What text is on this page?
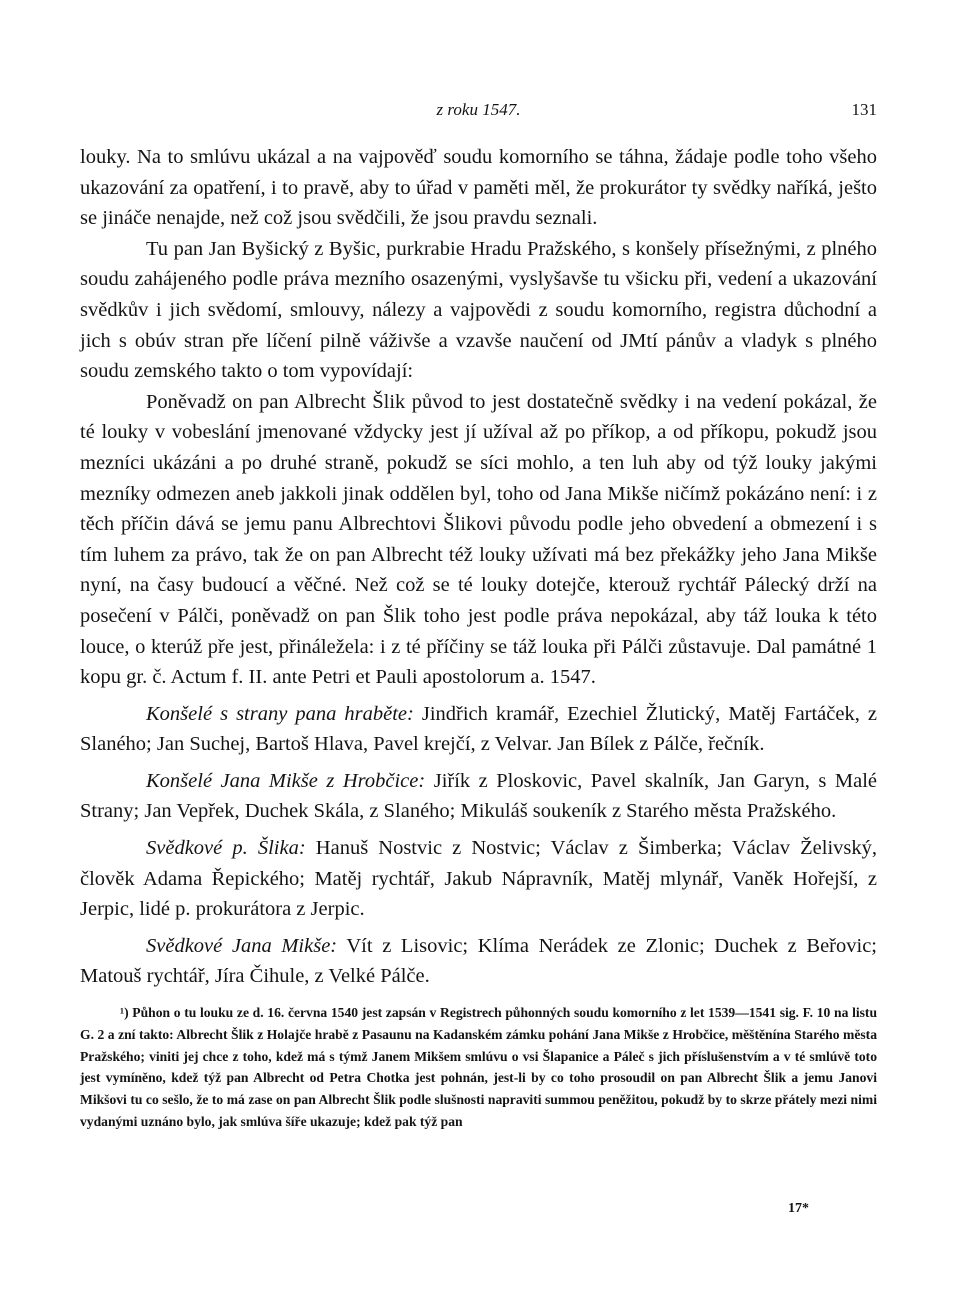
z roku 1547.	131

louky. Na to smlúvu ukázal a na vajpověď soudu komorního se táhna, žádaje podle toho všeho ukazování za opatření, i to pravě, aby to úřad v paměti měl, že prokurátor ty svědky naříká, ještο se jináče nenajde, než což jsou svědčili, že jsou pravdu seznali.

Tu pan Jan Byšický z Byšic, purkrabie Hradu Pražského, s konšely přísežnými, z plného soudu zahájeného podle práva mezního osazenými, vyslyšavše tu všicku při, vedení a ukazování svědkův i jich svědomí, smlouvy, nálezy a vajpovědi z soudu komorního, registra důchodní a jich s obúv stran pře líčení pilně váživše a vzavše naučení od JMtí pánův a vladyk s plného soudu zemského takto o tom vypovídají:

Poněvadž on pan Albrecht Šlik původ to jest dostatečně svědky i na vedení pokázal, že té louky v vobeslání jmenované vždycky jest jí užíval až po příkop, a od příkopu, pokudž jsou mezníci ukázáni a po druhé straně, pokudž se síci mohlo, a ten luh aby od týž louky jakými mezníky odmezen aneb jakkoli jinak oddělen byl, toho od Jana Mikše ničímž pokázáno není: i z těch příčin dává se jemu panu Albrechtovi Šlikovi původu podle jeho obvedení a obmezení i s tím luhem za právo, tak že on pan Albrecht též louky užívati má bez překážky jeho Jana Mikše nyní, na časy budoucí a věčné. Než což se té louky dotejče, kterouž rychtář Pálecký drží na posečení v Pálči, poněvadž on pan Šlik toho jest podle práva nepokázal, aby táž louka k této louce, o kterúž pře jest, přináležela: i z té příčiny se táž louka při Pálči zůstavuje. Dal památné 1 kopu gr. č. Actum f. II. ante Petri et Pauli apostolorum a. 1547.

Konšelé s strany pana hraběte: Jindřich kramář, Ezechiel Žlutický, Matěj Fartáček, z Slaného; Jan Suchej, Bartoš Hlava, Pavel krejčí, z Velvar. Jan Bílek z Pálče, řečník.

Konšelé Jana Mikše z Hrobčice: Jiřík z Ploskovic, Pavel skalník, Jan Garyn, s Malé Strany; Jan Vepřek, Duchek Skála, z Slaného; Mikuláš soukeník z Starého města Pražského.

Svědkové p. Šlika: Hanuš Nostvic z Nostvic; Václav z Šimberka; Václav Želivský, člověk Adama Řepického; Matěj rychtář, Jakub Nápravník, Matěj mlynář, Vaněk Hořejší, z Jerpic, lidé p. prokurátora z Jerpic.

Svědkové Jana Mikše: Vít z Lisovic; Klíma Nerádek ze Zlonic; Duchek z Beřovic; Matouš rychtář, Jíra Čihule, z Velké Pálče.

¹) Půhon o tu louku ze d. 16. června 1540 jest zapsán v Registrech půhonných soudu komorního z let 1539—1541 sig. F. 10 na listu G. 2 a zní takto: Albrecht Šlik z Holajče hrabě z Pasaunu na Kadanském zámku pohání Jana Mikše z Hrobčice, měštěnína Starého města Pražského; viniti jej chce z toho, kdež má s týmž Janem Mikšem smlúvu o vsi Šlapanice a Páleč s jich příslušenstvím a v té smlúvě toto jest vymíněno, kdež týž pan Albrecht od Petra Chotka jest pohnán, jest-li by co toho prosoudil on pan Albrecht Šlik a jemu Janovi Mikšovi tu co sešlo, že to má zase on pan Albrecht Šlik podle slušnosti napraviti summou peněžitou, pokudž by to skrze přátely mezi nimi vydanými uznáno bylo, jak smlúva šíře ukazuje; kdež pak týž pan

17*
